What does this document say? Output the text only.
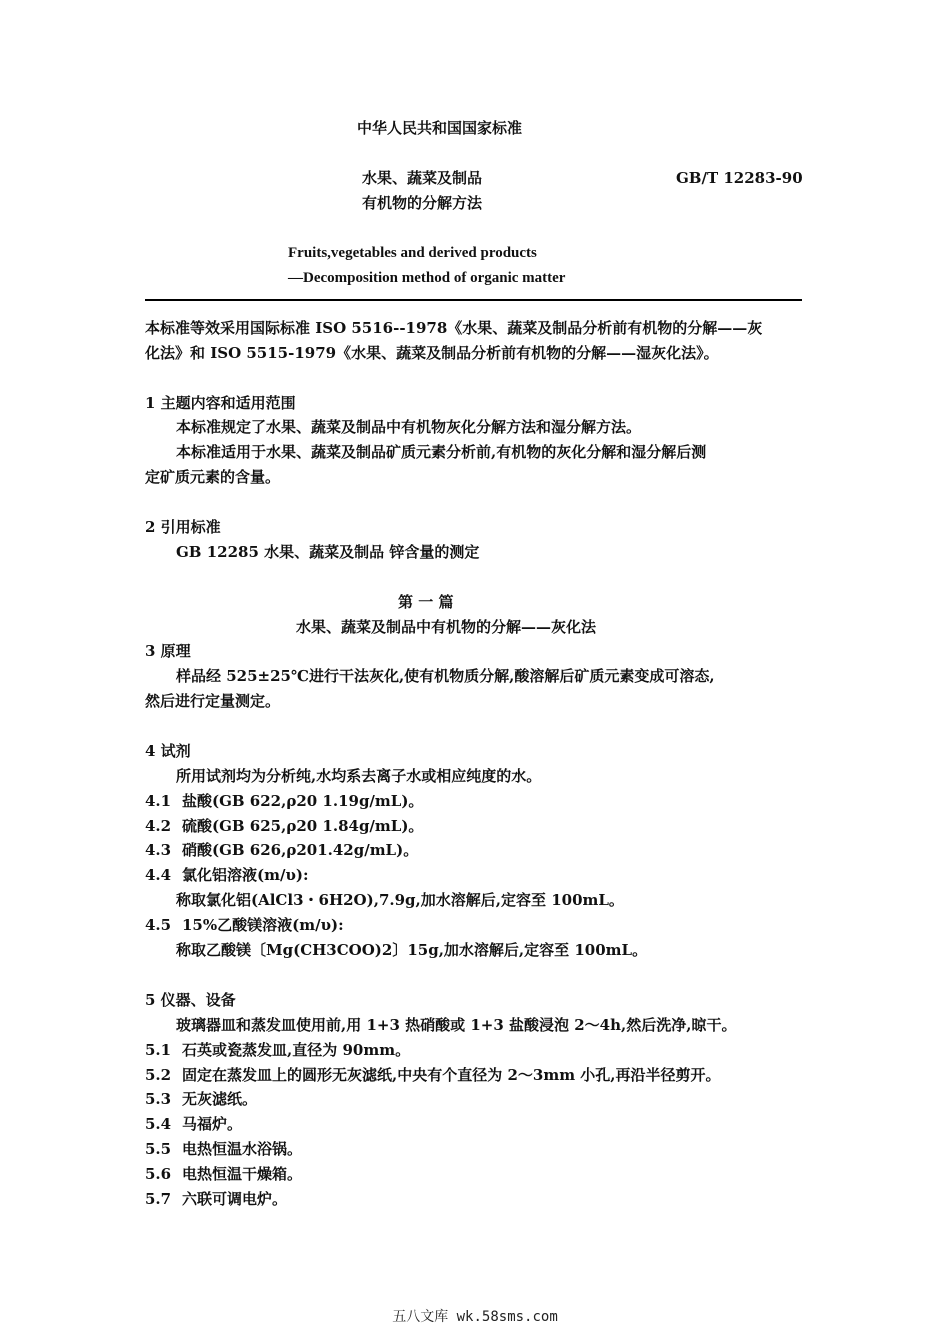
中华人民共和国国家标准
水果、蔬菜及制品	GB/T 12283-90
有机物的分解方法
Fruits,vegetables and derived products
—Decomposition method of organic matter
本标准等效采用国际标准 ISO 5516--1978《水果、蔬菜及制品分析前有机物的分解——灰
化法》和 ISO 5515-1979《水果、蔬菜及制品分析前有机物的分解——湿灰化法》。
1 主题内容和适用范围
本标准规定了水果、蔬菜及制品中有机物灰化分解方法和湿分解方法。
本标准适用于水果、蔬菜及制品矿质元素分析前,有机物的灰化分解和湿分解后测
定矿质元素的含量。
2 引用标准
GB 12285 水果、蔬菜及制品 锌含量的测定
第 一 篇
水果、蔬菜及制品中有机物的分解——灰化法
3 原理
样品经 525±25℃进行干法灰化,使有机物质分解,酸溶解后矿质元素变成可溶态,
然后进行定量测定。
4 试剂
所用试剂均为分析纯,水均系去离子水或相应纯度的水。
4.1 盐酸(GB 622,ρ20 1.19g/mL)。
4.2 硫酸(GB 625,ρ20 1.84g/mL)。
4.3 硝酸(GB 626,ρ201.42g/mL)。
4.4 氯化铝溶液(m/υ):
称取氯化铝(AlCl3・6H2O),7.9g,加水溶解后,定容至 100mL。
4.5 15%乙酸镁溶液(m/υ):
称取乙酸镁〔Mg(CH3COO)2〕15g,加水溶解后,定容至 100mL。
5 仪器、设备
玻璃器皿和蒸发皿使用前,用 1+3 热硝酸或 1+3 盐酸浸泡 2～4h,然后洗净,晾干。
5.1 石英或瓷蒸发皿,直径为 90mm。
5.2 固定在蒸发皿上的圆形无灰滤纸,中央有个直径为 2～3mm 小孔,再沿半径剪开。
5.3 无灰滤纸。
5.4 马福炉。
5.5 电热恒温水浴锅。
5.6 电热恒温干燥箱。
5.7 六联可调电炉。
五八文库 wk.58sms.com
